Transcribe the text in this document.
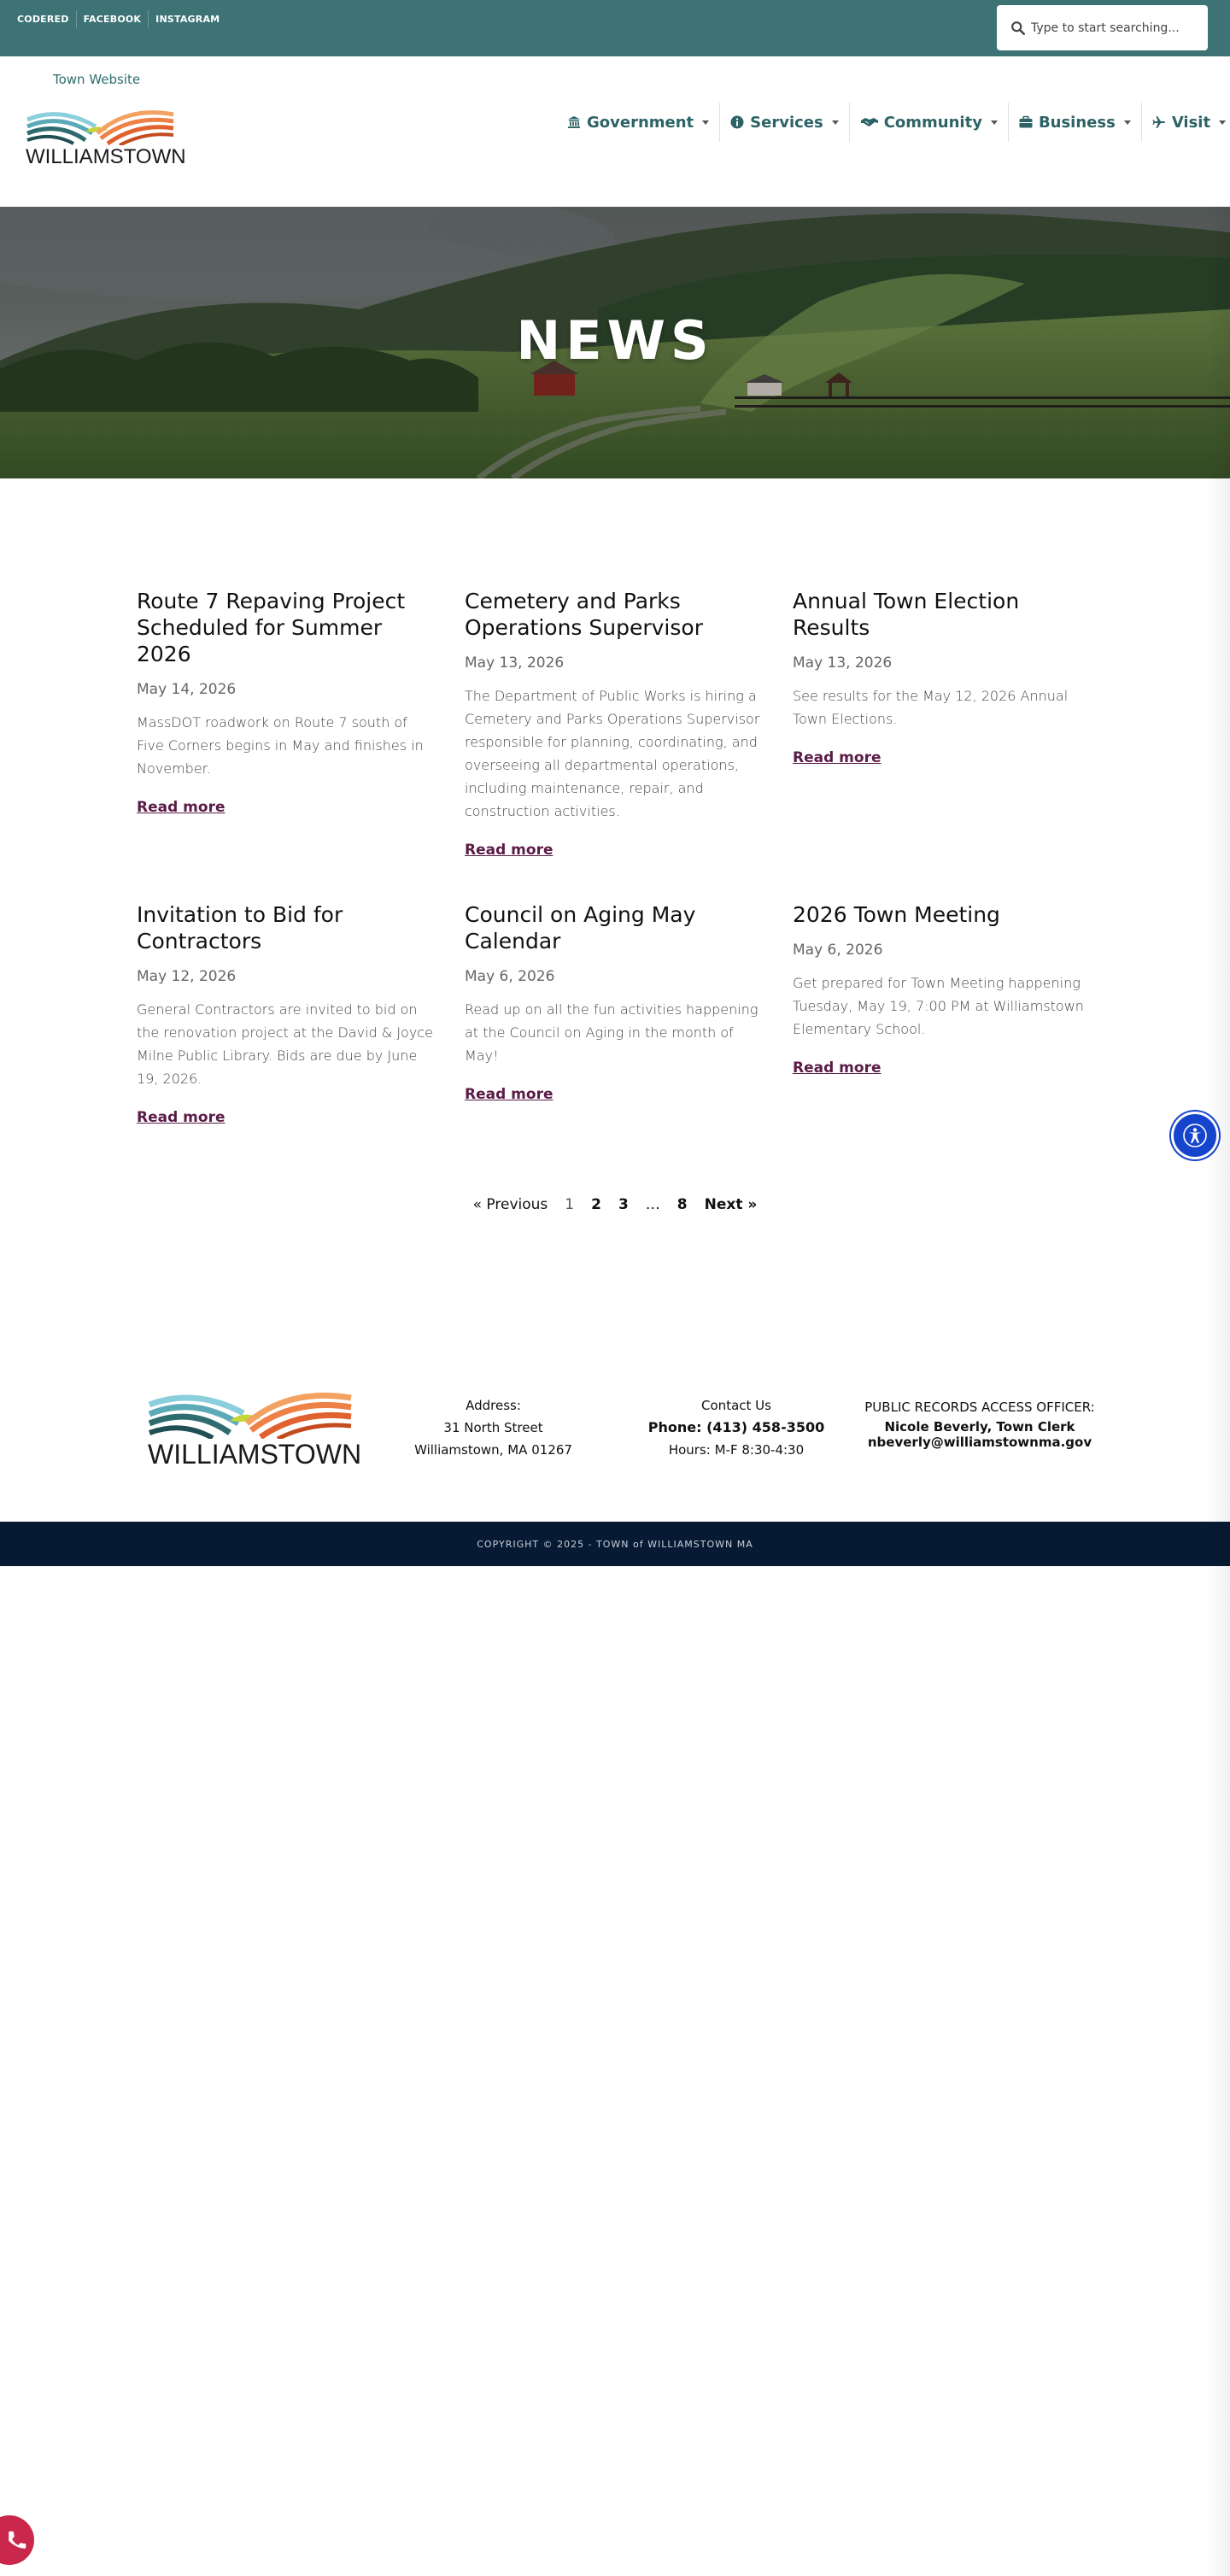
CODERED	FACEBOOK	INSTAGRAM
Type to start searching...
Town Website
WILLIAMSTOWN
Government	Services	Community	Business	Visit
NEWS
Route 7 Repaving Project Scheduled for Summer 2026
May 14, 2026

MassDOT roadwork on Route 7 south of Five Corners begins in May and finishes in November.

Read more
Cemetery and Parks Operations Supervisor
May 13, 2026

The Department of Public Works is hiring a Cemetery and Parks Operations Supervisor responsible for planning, coordinating, and overseeing all departmental operations, including maintenance, repair, and construction activities.

Read more
Annual Town Election Results
May 13, 2026

See results for the May 12, 2026 Annual Town Elections.

Read more
Invitation to Bid for Contractors
May 12, 2026

General Contractors are invited to bid on the renovation project at the David & Joyce Milne Public Library. Bids are due by June 19, 2026.

Read more
Council on Aging May Calendar
May 6, 2026

Read up on all the fun activities happening at the Council on Aging in the month of May!

Read more
2026 Town Meeting
May 6, 2026

Get prepared for Town Meeting happening Tuesday, May 19, 7:00 PM at Williamstown Elementary School.

Read more
« Previous	1	2	3	…	8	Next »
WILLIAMSTOWN
Address:
31 North Street
Williamstown, MA 01267
Contact Us
Phone: (413) 458-3500
Hours: M-F 8:30-4:30
PUBLIC RECORDS ACCESS OFFICER:
Nicole Beverly, Town Clerk
nbeverly@williamstownma.gov
COPYRIGHT © 2025 - TOWN of WILLIAMSTOWN MA
